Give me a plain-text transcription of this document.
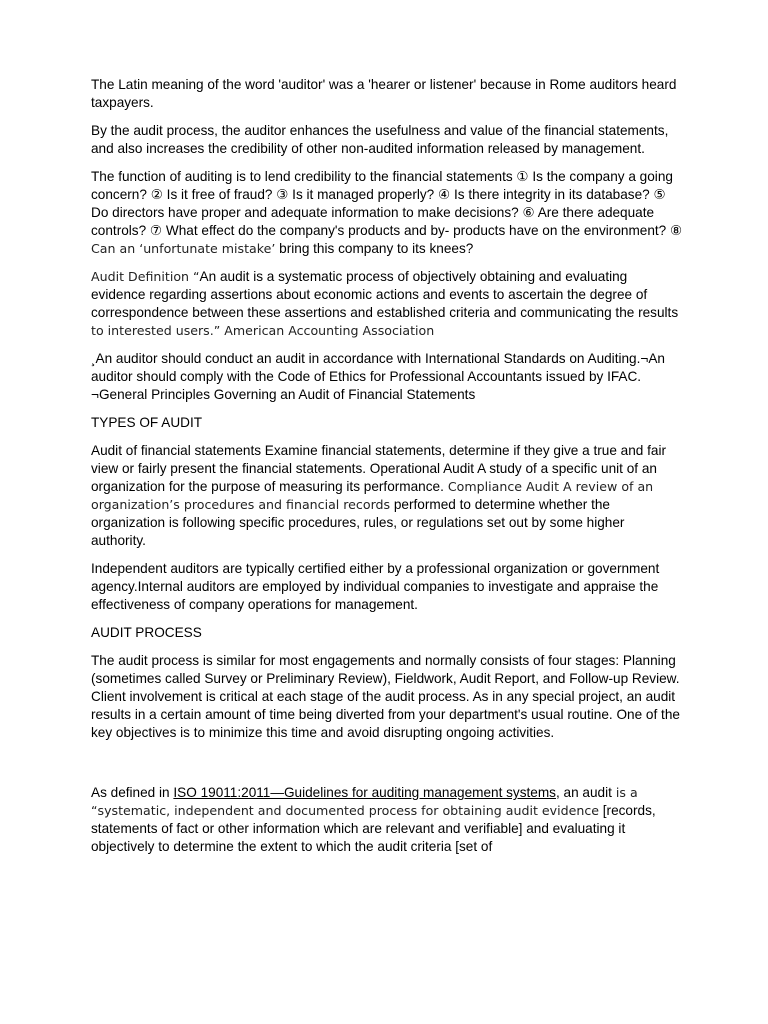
The Latin meaning of the word 'auditor' was a 'hearer or listener' because in Rome auditors heard taxpayers.

By the audit process, the auditor enhances the usefulness and value of the financial statements, and also increases the credibility of other non-audited information released by management.

The function of auditing is to lend credibility to the financial statements ① Is the company a going concern? ② Is it free of fraud? ③ Is it managed properly? ④ Is there integrity in its database? ⑤ Do directors have proper and adequate information to make decisions? ⑥ Are there adequate controls? ⑦ What effect do the company's products and by- products have on the environment? ⑧ Can an ‘unfortunate mistake’ bring this company to its knees?

Audit Definition “An audit is a systematic process of objectively obtaining and evaluating evidence regarding assertions about economic actions and events to ascertain the degree of correspondence between these assertions and established criteria and communicating the results to interested users.” American Accounting Association

¸An auditor should conduct an audit in accordance with International Standards on Auditing.¬An auditor should comply with the Code of Ethics for Professional Accountants issued by IFAC. ¬General Principles Governing an Audit of Financial Statements

TYPES OF AUDIT

Audit of financial statements Examine financial statements, determine if they give a true and fair view or fairly present the financial statements. Operational Audit A study of a specific unit of an organization for the purpose of measuring its performance. Compliance Audit A review of an organization’s procedures and financial records performed to determine whether the organization is following specific procedures, rules, or regulations set out by some higher authority.

Independent auditors are typically certified either by a professional organization or government agency.Internal auditors are employed by individual companies to investigate and appraise the effectiveness of company operations for management.

AUDIT PROCESS

The audit process is similar for most engagements and normally consists of four stages: Planning (sometimes called Survey or Preliminary Review), Fieldwork, Audit Report, and Follow-up Review. Client involvement is critical at each stage of the audit process. As in any special project, an audit results in a certain amount of time being diverted from your department's usual routine. One of the key objectives is to minimize this time and avoid disrupting ongoing activities.

As defined in ISO 19011:2011—Guidelines for auditing management systems, an audit is a “systematic, independent and documented process for obtaining audit evidence [records, statements of fact or other information which are relevant and verifiable] and evaluating it objectively to determine the extent to which the audit criteria [set of
